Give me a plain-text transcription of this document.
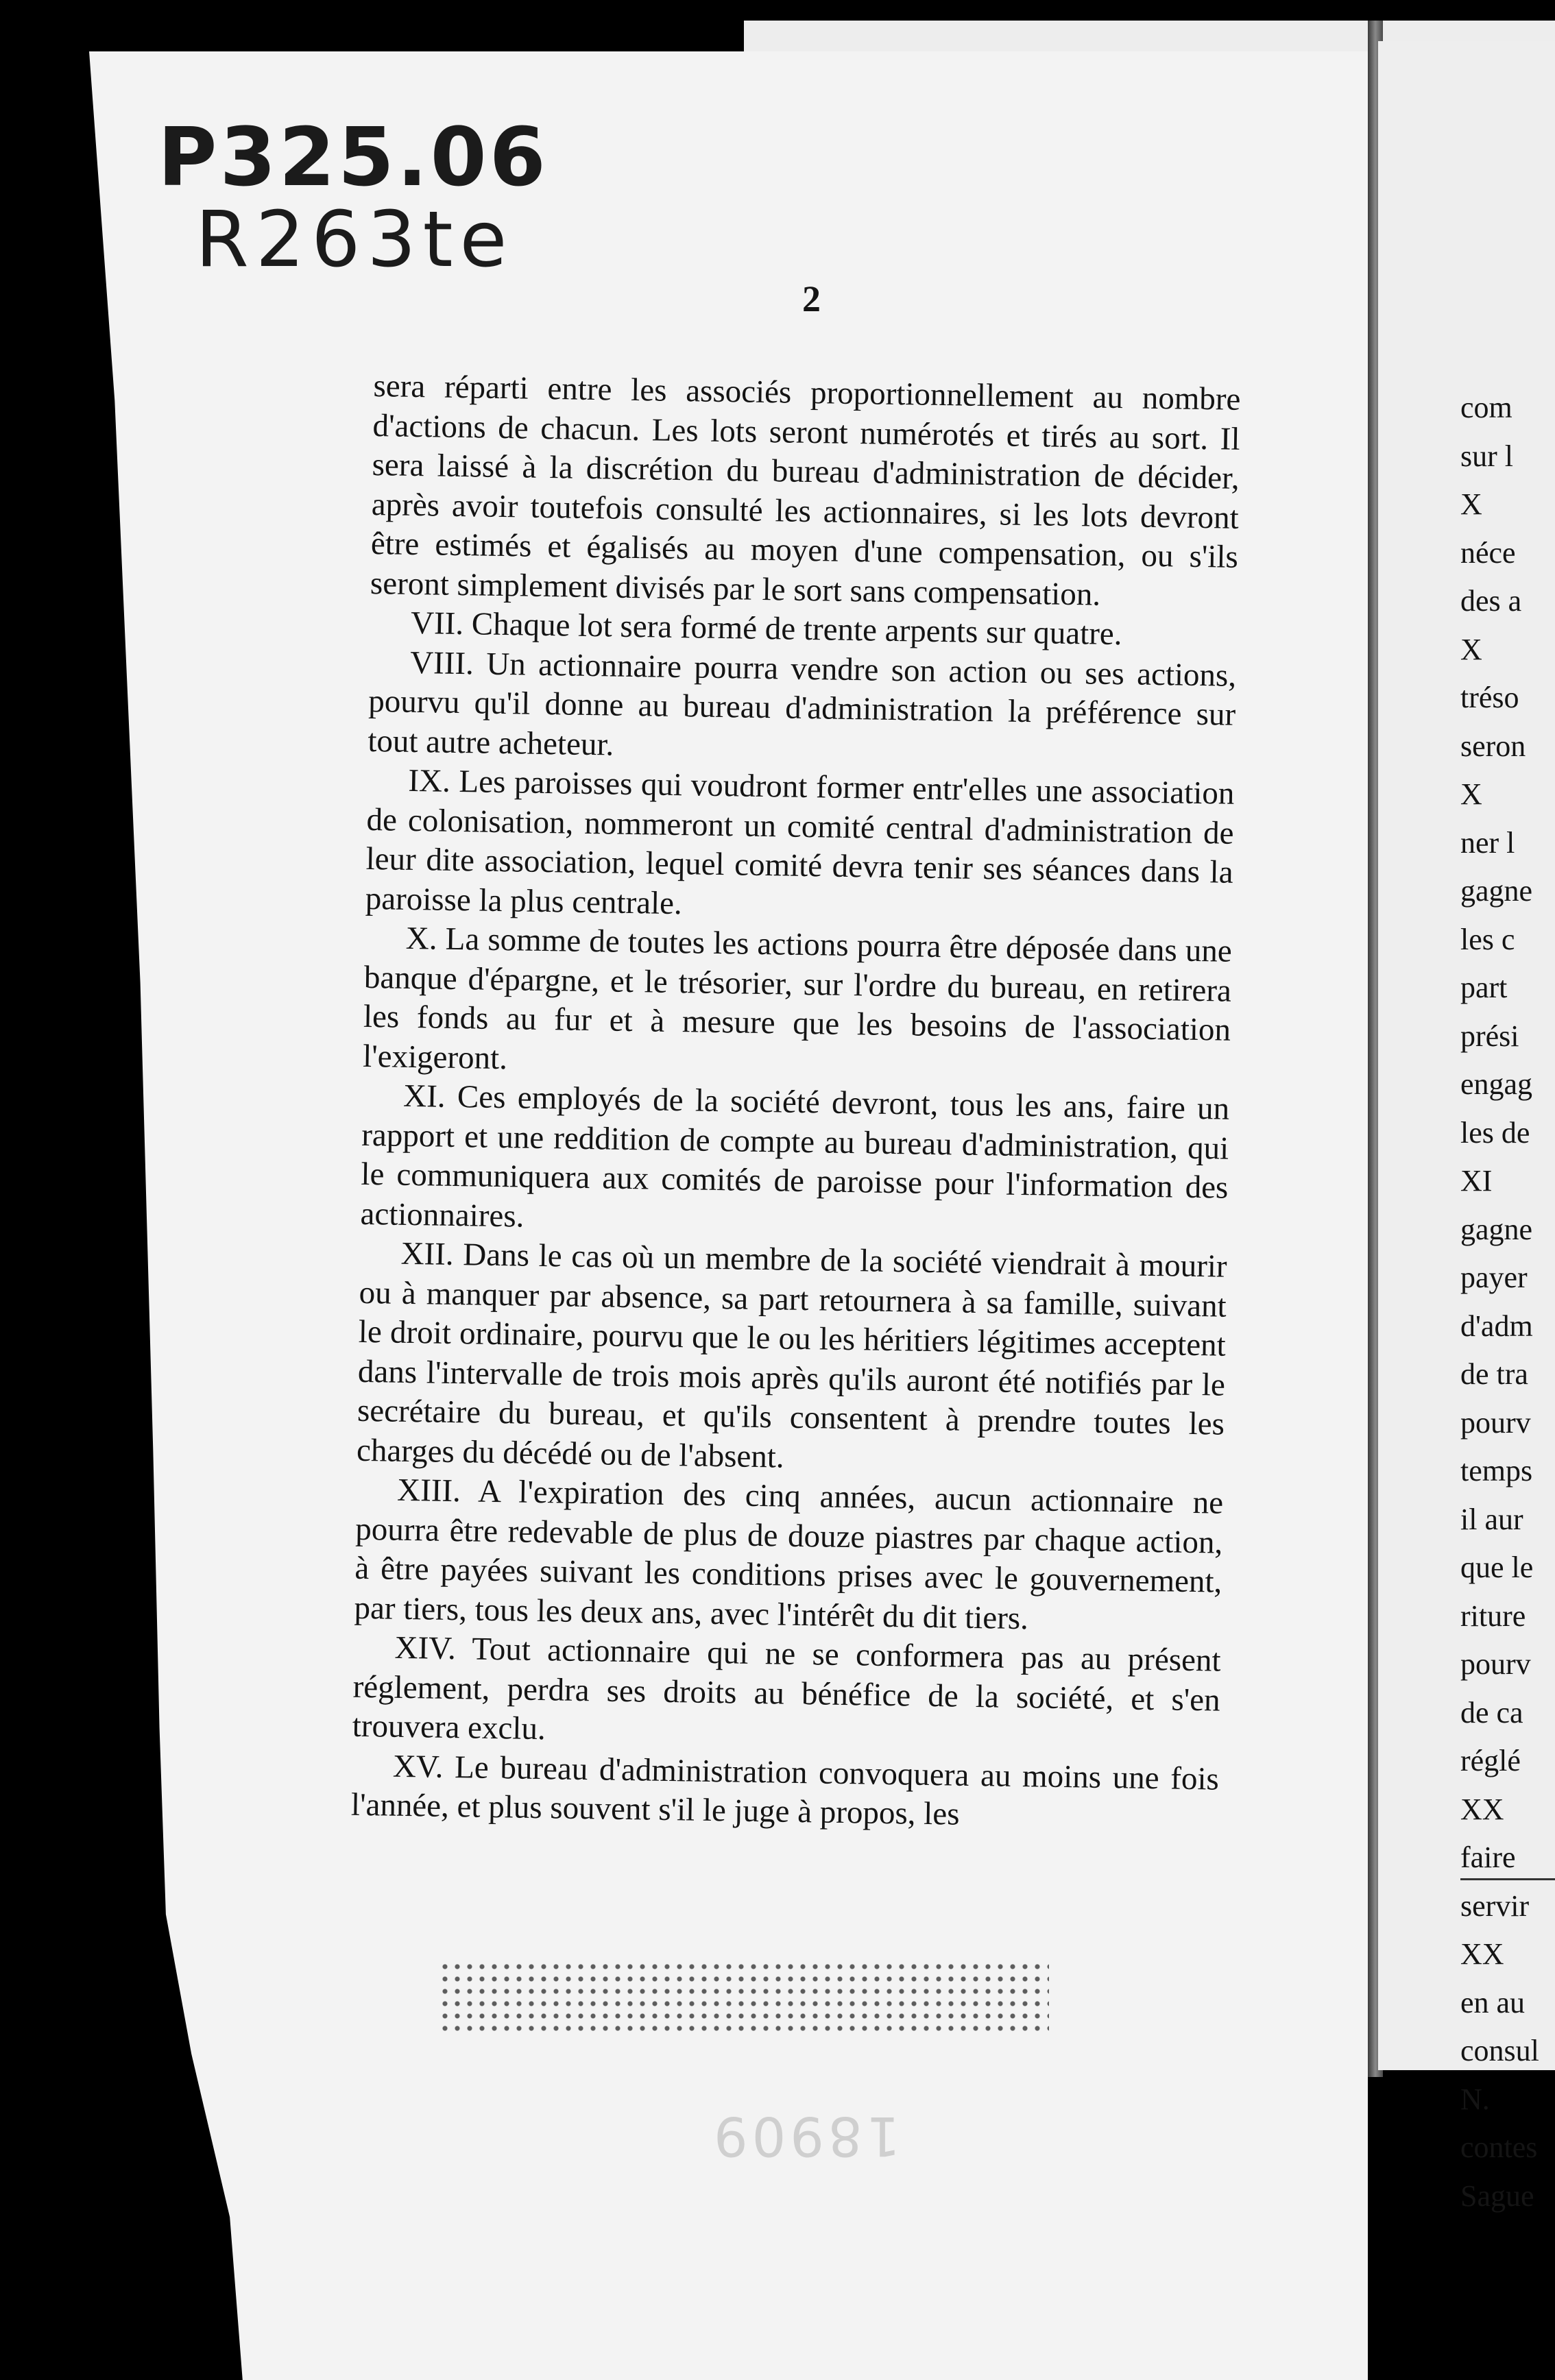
P325.06
R263te
2

sera réparti entre les associés proportionnellement au nombre d'actions de chacun. Les lots seront numérotés et tirés au sort. Il sera laissé à la discrétion du bureau d'administration de décider, après avoir toutefois consulté les actionnaires, si les lots devront être estimés et égalisés au moyen d'une compensation, ou s'ils seront simplement divisés par le sort sans compensation.

VII. Chaque lot sera formé de trente arpents sur quatre.

VIII. Un actionnaire pourra vendre son action ou ses actions, pourvu qu'il donne au bureau d'administration la préférence sur tout autre acheteur.

IX. Les paroisses qui voudront former entr'elles une association de colonisation, nommeront un comité central d'administration de leur dite association, lequel comité devra tenir ses séances dans la paroisse la plus centrale.

X. La somme de toutes les actions pourra être déposée dans une banque d'épargne, et le trésorier, sur l'ordre du bureau, en retirera les fonds au fur et à mesure que les besoins de l'association l'exigeront.

XI. Ces employés de la société devront, tous les ans, faire un rapport et une reddition de compte au bureau d'administration, qui le communiquera aux comités de paroisse pour l'information des actionnaires.

XII. Dans le cas où un membre de la société viendrait à mourir ou à manquer par absence, sa part retournera à sa famille, suivant le droit ordinaire, pourvu que le ou les héritiers légitimes acceptent dans l'intervalle de trois mois après qu'ils auront été notifiés par le secrétaire du bureau, et qu'ils consentent à prendre toutes les charges du décédé ou de l'absent.

XIII. A l'expiration des cinq années, aucun actionnaire ne pourra être redevable de plus de douze piastres par chaque action, à être payées suivant les conditions prises avec le gouvernement, par tiers, tous les deux ans, avec l'intérêt du dit tiers.

XIV. Tout actionnaire qui ne se conformera pas au présent réglement, perdra ses droits au bénéfice de la société, et s'en trouvera exclu.

XV. Le bureau d'administration convoquera au moins une fois l'année, et plus souvent s'il le juge à propos, les

18909
com
sur l
X
néce
des a
X
tréso
seron
X
ner l
gagne
les c
part
prési
engag
les de
XI
gagne
payer
d'adm
de tra
pourv
temps
il aur
que le
riture
pourv
de ca
réglé
XX
faire
servir
XX
en au
consul
N.
contes
Sague
